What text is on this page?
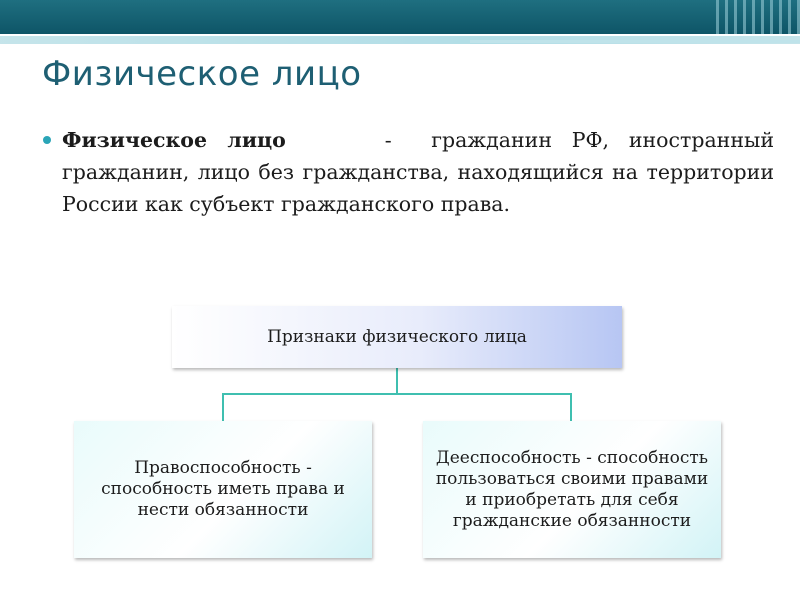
Физическое лицо
Физическое лицо	- гражданин РФ, иностранный гражданин, лицо без гражданства, находящийся на территории России как субъект гражданского права.
Признаки физического лица
Правоспособность - способность иметь права и нести обязанности
Дееспособность - способность пользоваться своими правами и приобретать для себя гражданские обязанности
